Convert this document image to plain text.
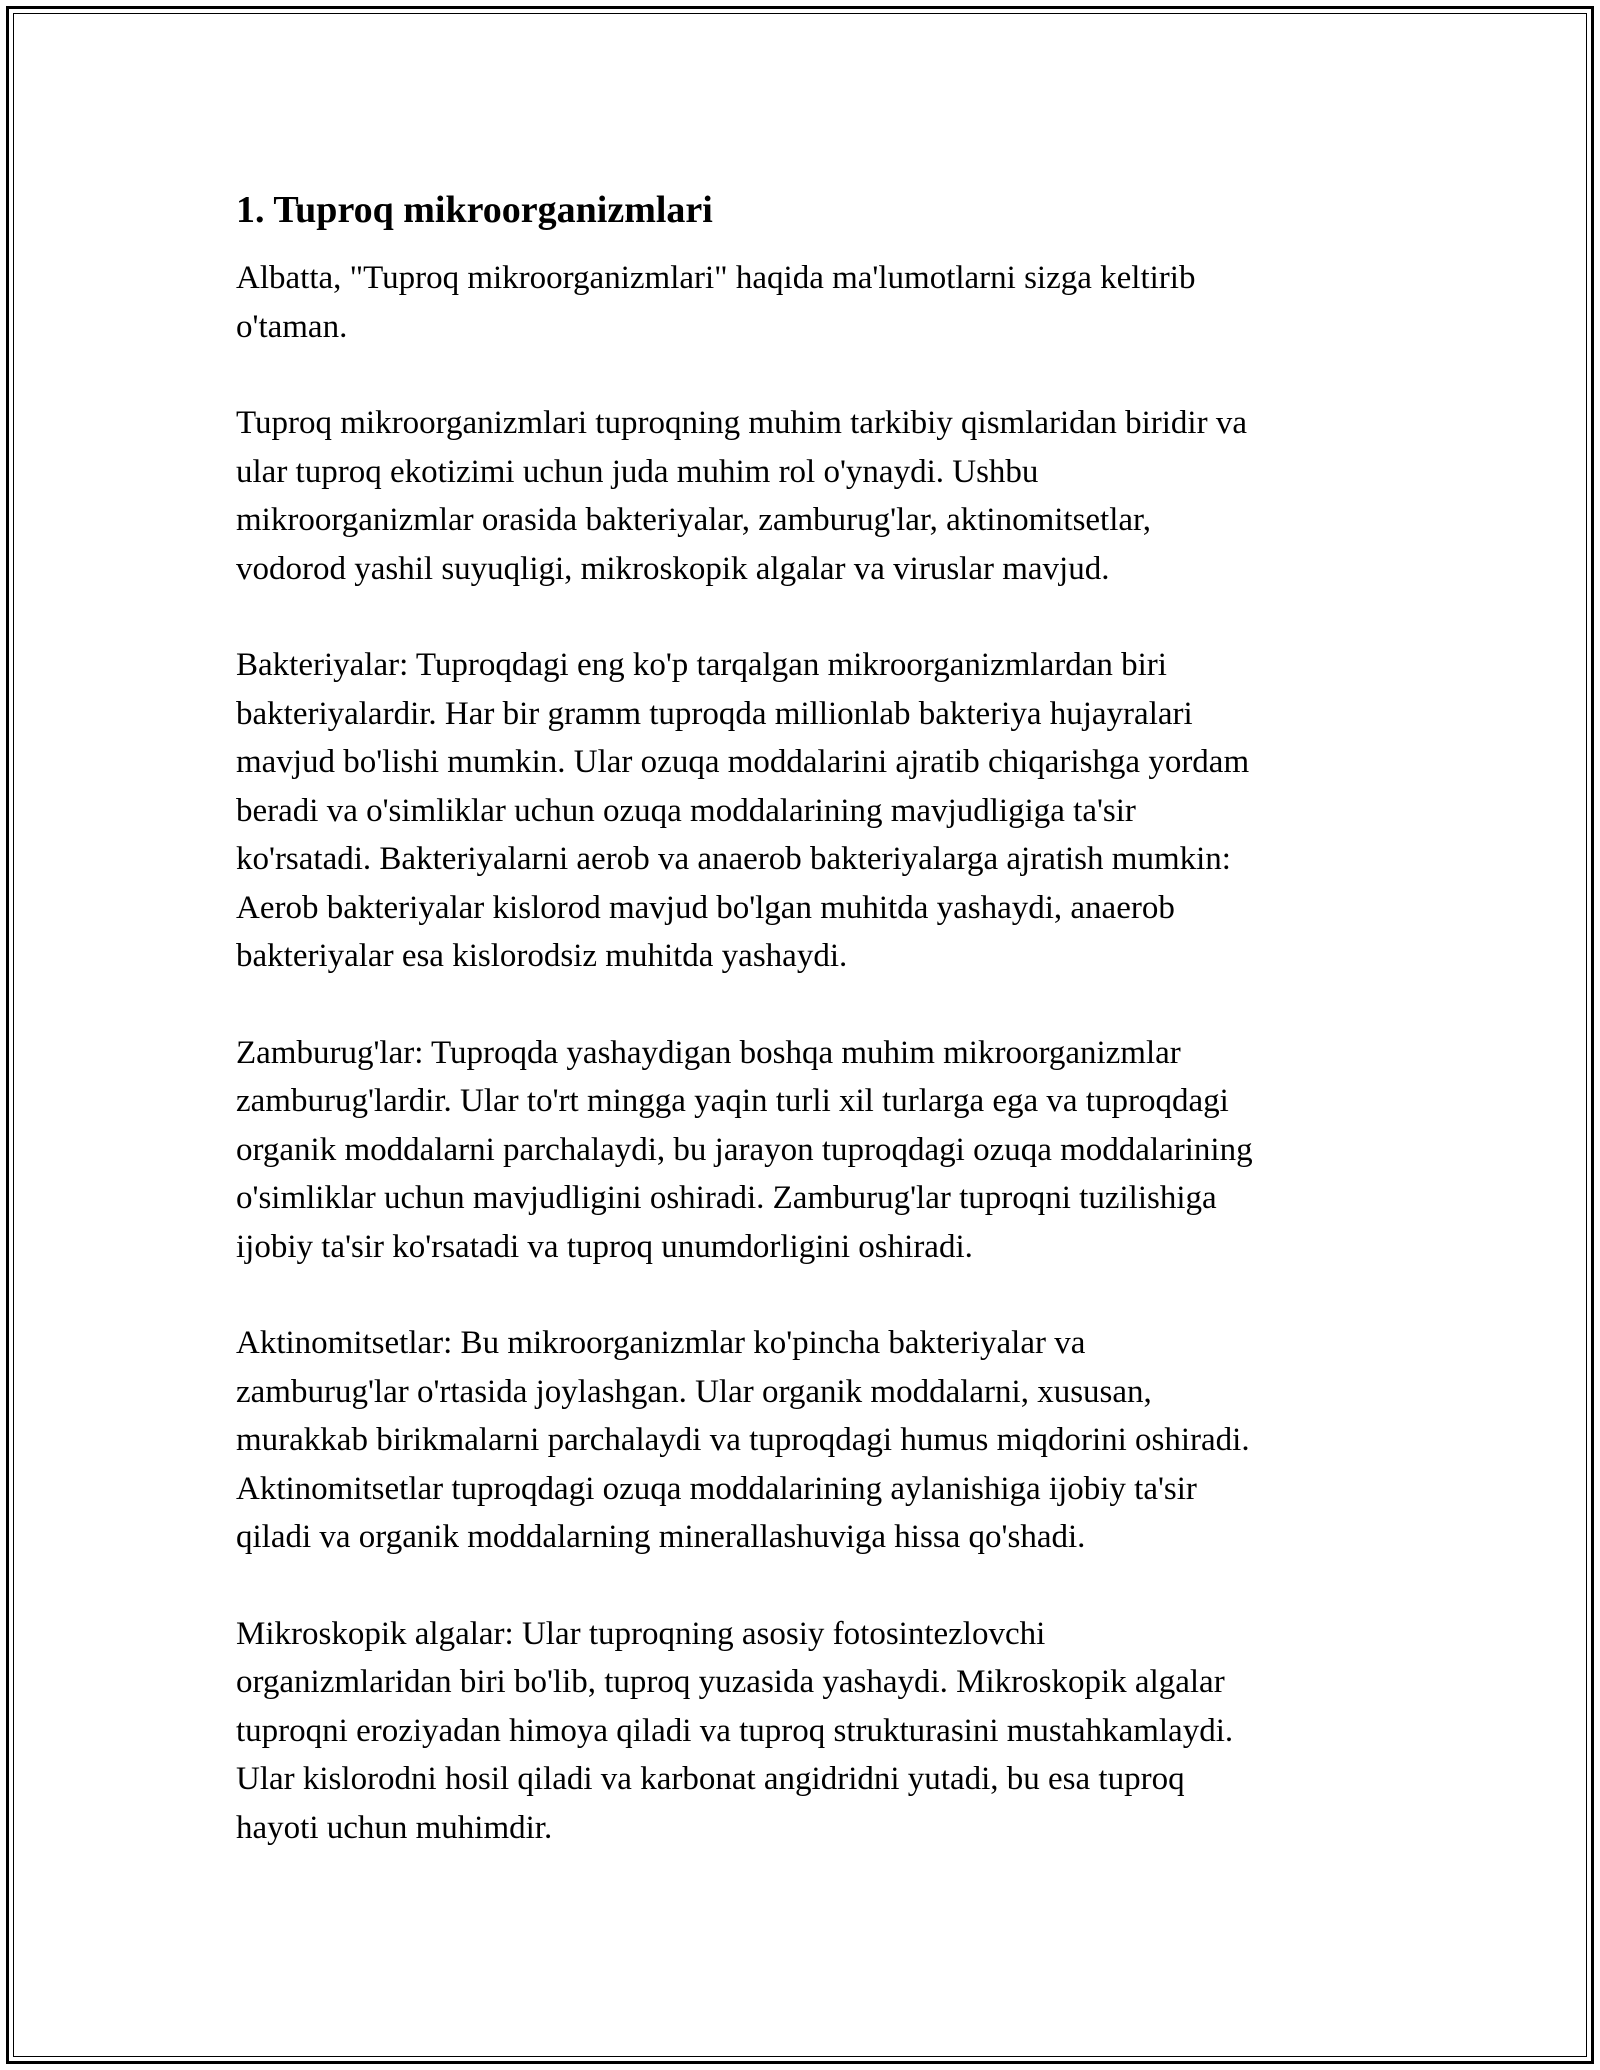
1. Tuproq mikroorganizmlari

Albatta, "Tuproq mikroorganizmlari" haqida ma'lumotlarni sizga keltirib
o'taman.

Tuproq mikroorganizmlari tuproqning muhim tarkibiy qismlaridan biridir va
ular tuproq ekotizimi uchun juda muhim rol o'ynaydi. Ushbu
mikroorganizmlar orasida bakteriyalar, zamburug'lar, aktinomitsetlar,
vodorod yashil suyuqligi, mikroskopik algalar va viruslar mavjud.

Bakteriyalar: Tuproqdagi eng ko'p tarqalgan mikroorganizmlardan biri
bakteriyalardir. Har bir gramm tuproqda millionlab bakteriya hujayralari
mavjud bo'lishi mumkin. Ular ozuqa moddalarini ajratib chiqarishga yordam
beradi va o'simliklar uchun ozuqa moddalarining mavjudligiga ta'sir
ko'rsatadi. Bakteriyalarni aerob va anaerob bakteriyalarga ajratish mumkin:
Aerob bakteriyalar kislorod mavjud bo'lgan muhitda yashaydi, anaerob
bakteriyalar esa kislorodsiz muhitda yashaydi.

Zamburug'lar: Tuproqda yashaydigan boshqa muhim mikroorganizmlar
zamburug'lardir. Ular to'rt mingga yaqin turli xil turlarga ega va tuproqdagi
organik moddalarni parchalaydi, bu jarayon tuproqdagi ozuqa moddalarining
o'simliklar uchun mavjudligini oshiradi. Zamburug'lar tuproqni tuzilishiga
ijobiy ta'sir ko'rsatadi va tuproq unumdorligini oshiradi.

Aktinomitsetlar: Bu mikroorganizmlar ko'pincha bakteriyalar va
zamburug'lar o'rtasida joylashgan. Ular organik moddalarni, xususan,
murakkab birikmalarni parchalaydi va tuproqdagi humus miqdorini oshiradi.
Aktinomitsetlar tuproqdagi ozuqa moddalarining aylanishiga ijobiy ta'sir
qiladi va organik moddalarning minerallashuviga hissa qo'shadi.

Mikroskopik algalar: Ular tuproqning asosiy fotosintezlovchi
organizmlaridan biri bo'lib, tuproq yuzasida yashaydi. Mikroskopik algalar
tuproqni eroziyadan himoya qiladi va tuproq strukturasini mustahkamlaydi.
Ular kislorodni hosil qiladi va karbonat angidridni yutadi, bu esa tuproq
hayoti uchun muhimdir.
